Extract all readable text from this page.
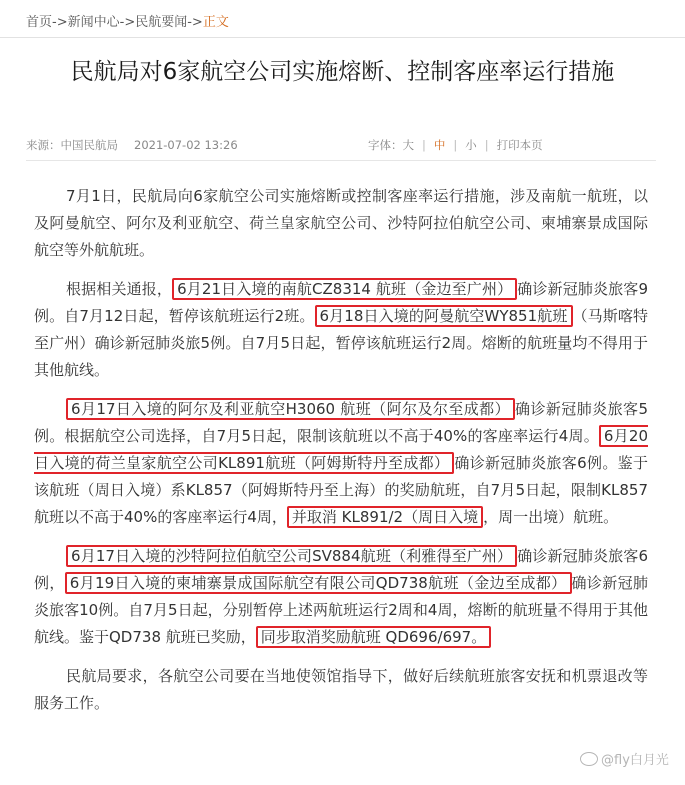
首页->新闻中心->民航要闻->正文
民航局对6家航空公司实施熔断、控制客座率运行措施
来源：中国民航局 2021-07-02 13:26	字体：大 | 中 | 小 | 打印本页

7月1日，民航局向6家航空公司实施熔断或控制客座率运行措施，涉及南航一航班，以及阿曼航空、阿尔及利亚航空、荷兰皇家航空公司、沙特阿拉伯航空公司、柬埔寨景成国际航空等外航航班。

根据相关通报， 6月21日入境的南航CZ8314 航班（金边至广州） 确诊新冠肺炎旅客9例。自7月12日起，暂停该航班运行2班。 6月18日入境的阿曼航空WY851航班 （马斯喀特至广州）确诊新冠肺炎旅5例。自7月5日起，暂停该航班运行2周。熔断的航班量均不得用于其他航线。

6月17日入境的阿尔及利亚航空H3060 航班（阿尔及尔至成都） 确诊新冠肺炎旅客5例。根据航空公司选择，自7月5日起，限制该航班以不高于40%的客座率运行4周。 6月20日入境的荷兰皇家航空公司KL891航班（阿姆斯特丹至成都） 确诊新冠肺炎旅客6例。鉴于该航班（周日入境）系KL857（阿姆斯特丹至上海）的奖励航班，自7月5日起，限制KL857航班以不高于40%的客座率运行4周， 并取消 KL891/2（周日入境 ，周一出境）航班。

6月17日入境的沙特阿拉伯航空公司SV884航班（利雅得至广州） 确诊新冠肺炎旅客6例， 6月19日入境的柬埔寨景成国际航空有限公司QD738航班（金边至成都） 确诊新冠肺炎旅客10例。自7月5日起，分别暂停上述两航班运行2周和4周，熔断的航班量不得用于其他航线。鉴于QD738 航班已奖励， 同步取消奖励航班 QD696/697。

民航局要求，各航空公司要在当地使领馆指导下，做好后续航班旅客安抚和机票退改等服务工作。

@fly白月光
